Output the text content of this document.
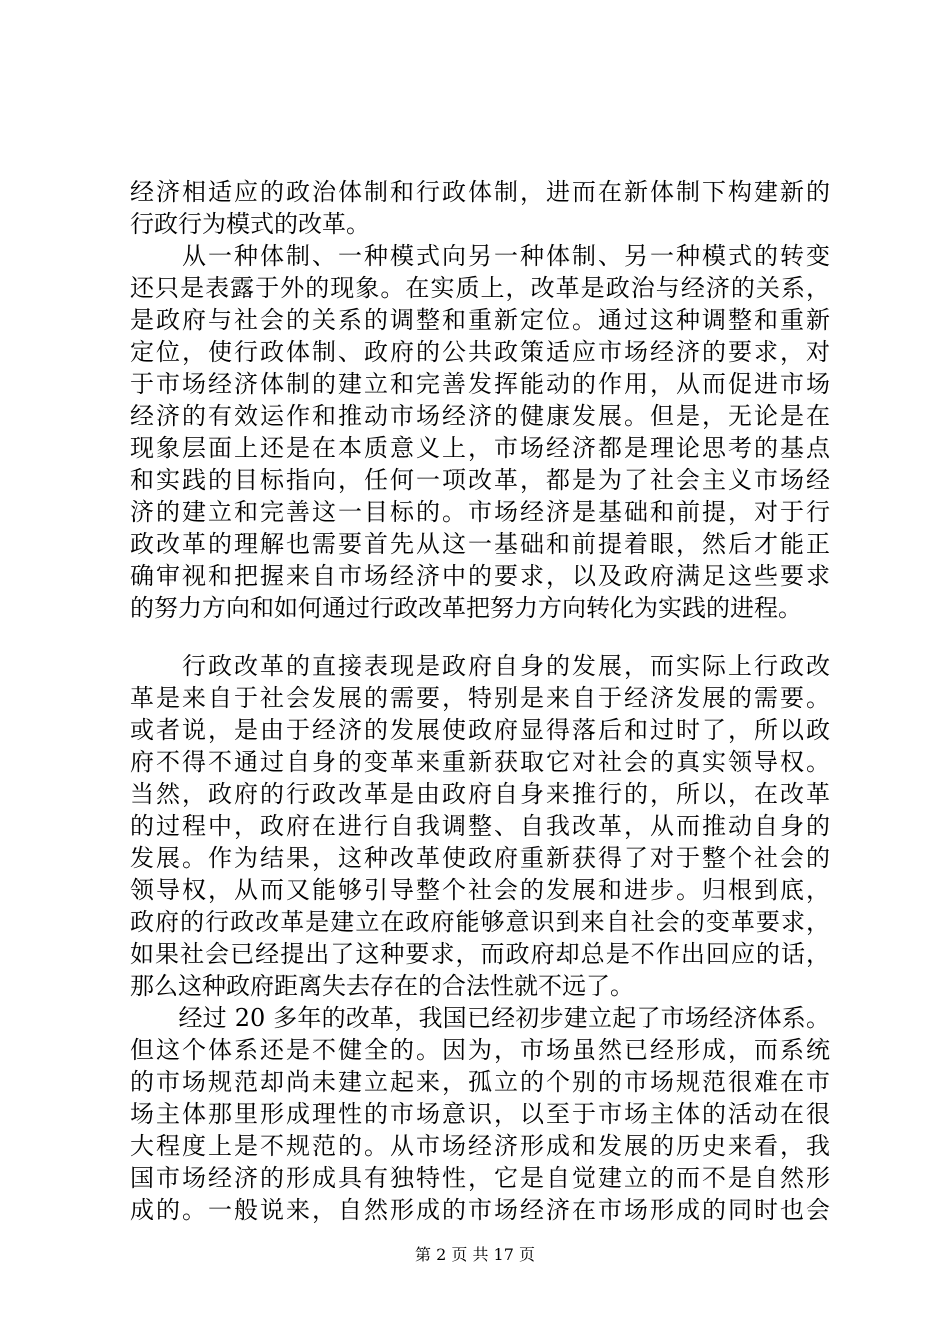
经济相适应的政治体制和行政体制，进而在新体制下构建新的
行政行为模式的改革。
　　从一种体制、一种模式向另一种体制、另一种模式的转变
还只是表露于外的现象。在实质上，改革是政治与经济的关系，
是政府与社会的关系的调整和重新定位。通过这种调整和重新
定位，使行政体制、政府的公共政策适应市场经济的要求，对
于市场经济体制的建立和完善发挥能动的作用，从而促进市场
经济的有效运作和推动市场经济的健康发展。但是，无论是在
现象层面上还是在本质意义上，市场经济都是理论思考的基点
和实践的目标指向，任何一项改革，都是为了社会主义市场经
济的建立和完善这一目标的。市场经济是基础和前提，对于行
政改革的理解也需要首先从这一基础和前提着眼，然后才能正
确审视和把握来自市场经济中的要求，以及政府满足这些要求
的努力方向和如何通过行政改革把努力方向转化为实践的进程。
　　行政改革的直接表现是政府自身的发展，而实际上行政改
革是来自于社会发展的需要，特别是来自于经济发展的需要。
或者说，是由于经济的发展使政府显得落后和过时了，所以政
府不得不通过自身的变革来重新获取它对社会的真实领导权。
当然，政府的行政改革是由政府自身来推行的，所以，在改革
的过程中，政府在进行自我调整、自我改革，从而推动自身的
发展。作为结果，这种改革使政府重新获得了对于整个社会的
领导权，从而又能够引导整个社会的发展和进步。归根到底，
政府的行政改革是建立在政府能够意识到来自社会的变革要求，
如果社会已经提出了这种要求，而政府却总是不作出回应的话，
那么这种政府距离失去存在的合法性就不远了。
　　经过 20 多年的改革，我国已经初步建立起了市场经济体系。
但这个体系还是不健全的。因为，市场虽然已经形成，而系统
的市场规范却尚未建立起来，孤立的个别的市场规范很难在市
场主体那里形成理性的市场意识，以至于市场主体的活动在很
大程度上是不规范的。从市场经济形成和发展的历史来看，我
国市场经济的形成具有独特性，它是自觉建立的而不是自然形
成的。一般说来，自然形成的市场经济在市场形成的同时也会
第 2 页 共 17 页
